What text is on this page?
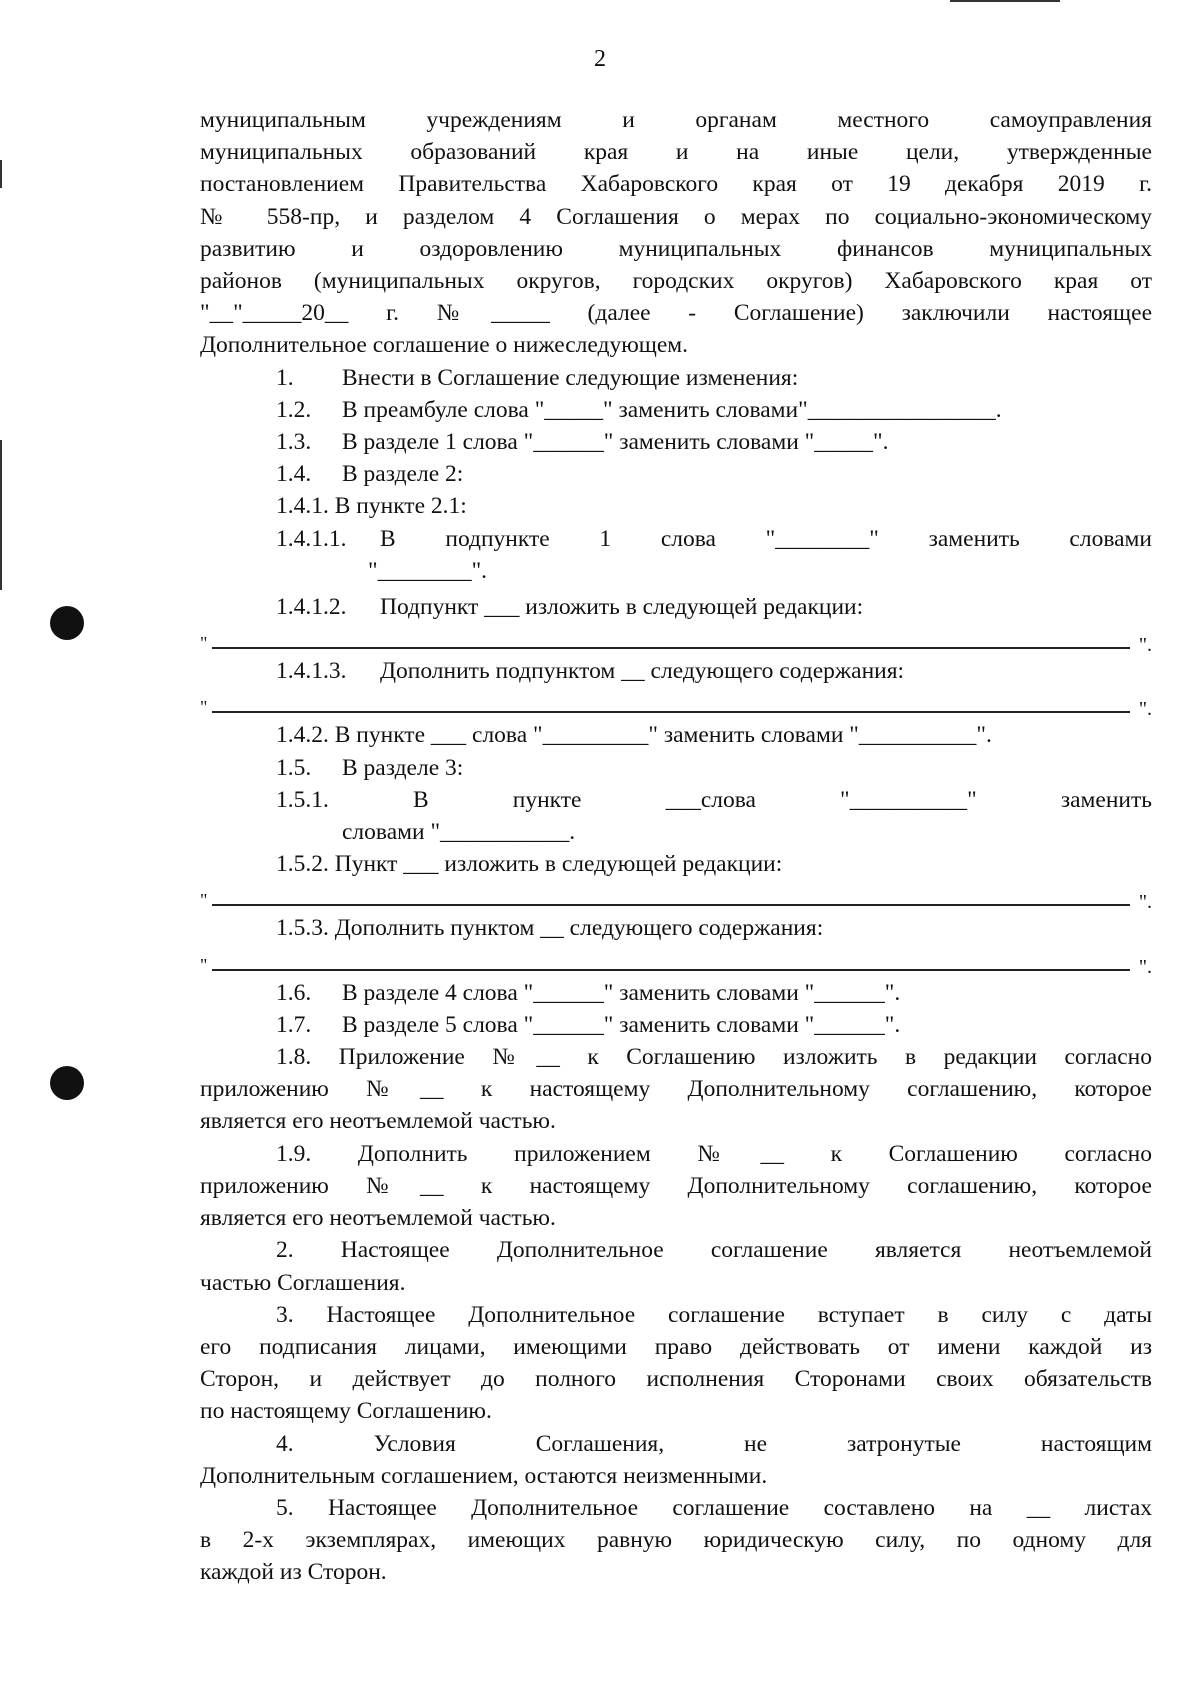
2

муниципальным учреждениям и органам местного самоуправления

муниципальных образований края и на иные цели, утвержденные

постановлением Правительства Хабаровского края от 19 декабря 2019 г.

№ 558-пр, и разделом 4 Соглашения о мерах по социально-экономическому

развитию и оздоровлению муниципальных финансов муниципальных

районов (муниципальных округов, городских округов) Хабаровского края от

"__"_____20__ г. №_____ (далее - Соглашение) заключили настоящее

Дополнительное соглашение о нижеследующем.

1. Внести в Соглашение следующие изменения:

1.2. В преамбуле слова "_____" заменить словами"________________.

1.3. В разделе 1 слова "______" заменить словами "_____".

1.4. В разделе 2:

1.4.1. В пункте 2.1:

1.4.1.1. В подпункте 1 слова "________" заменить словами

"________".

1.4.1.2. Подпункт ___ изложить в следующей редакции:

"	".

1.4.1.3. Дополнить подпунктом __ следующего содержания:

"	".

1.4.2. В пункте ___ слова "_________" заменить словами "__________".

1.5. В разделе 3:

1.5.1. В пункте ___слова "__________" заменить

словами "___________.

1.5.2. Пункт ___ изложить в следующей редакции:

"	".

1.5.3. Дополнить пунктом __ следующего содержания:

"	".

1.6. В разделе 4 слова "______" заменить словами "______".

1.7. В разделе 5 слова "______" заменить словами "______".

1.8. Приложение №__ к Соглашению изложить в редакции согласно

приложению №__ к настоящему Дополнительному соглашению, которое

является его неотъемлемой частью.

1.9. Дополнить приложением №__ к Соглашению согласно

приложению №__ к настоящему Дополнительному соглашению, которое

является его неотъемлемой частью.

2. Настоящее Дополнительное соглашение является неотъемлемой

частью Соглашения.

3. Настоящее Дополнительное соглашение вступает в силу с даты

его подписания лицами, имеющими право действовать от имени каждой из

Сторон, и действует до полного исполнения Сторонами своих обязательств

по настоящему Соглашению.

4. Условия Соглашения, не затронутые настоящим

Дополнительным соглашением, остаются неизменными.

5. Настоящее Дополнительное соглашение составлено на __ листах

в 2-х экземплярах, имеющих равную юридическую силу, по одному для

каждой из Сторон.
